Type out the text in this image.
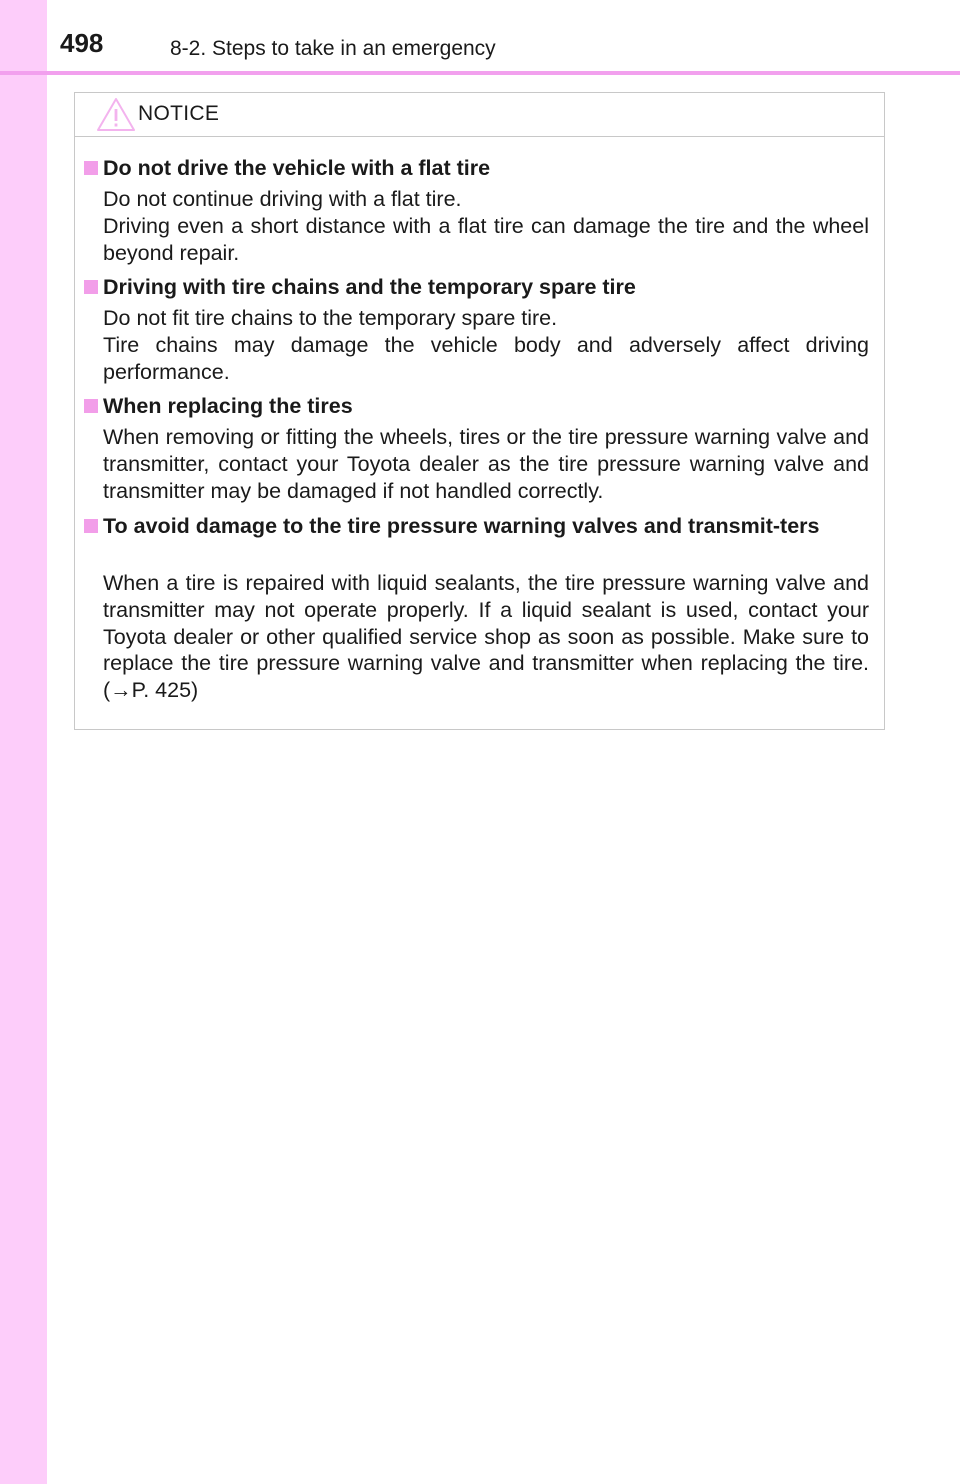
498	8-2. Steps to take in an emergency
NOTICE
Do not drive the vehicle with a flat tire

Do not continue driving with a flat tire.

Driving even a short distance with a flat tire can damage the tire and the wheel beyond repair.

Driving with tire chains and the temporary spare tire

Do not fit tire chains to the temporary spare tire.

Tire chains may damage the vehicle body and adversely affect driving performance.

When replacing the tires

When removing or fitting the wheels, tires or the tire pressure warning valve and transmitter, contact your Toyota dealer as the tire pressure warning valve and transmitter may be damaged if not handled correctly.

To avoid damage to the tire pressure warning valves and transmit-ters

When a tire is repaired with liquid sealants, the tire pressure warning valve and transmitter may not operate properly. If a liquid sealant is used, contact your Toyota dealer or other qualified service shop as soon as possible. Make sure to replace the tire pressure warning valve and transmitter when replacing the tire. (→P. 425)
